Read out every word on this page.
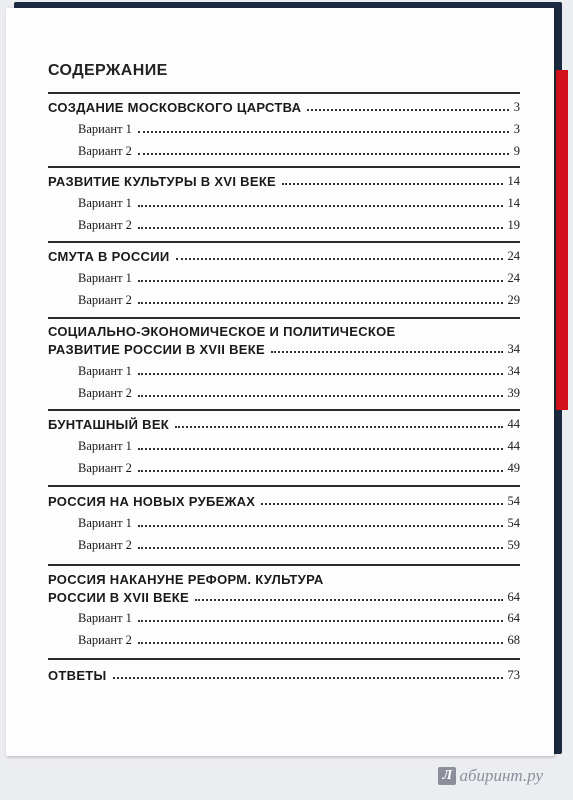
СОДЕРЖАНИЕ
СОЗДАНИЕ МОСКОВСКОГО ЦАРСТВА	3
Вариант 1	3
Вариант 2	9
РАЗВИТИЕ КУЛЬТУРЫ В XVI ВЕКЕ	14
Вариант 1	14
Вариант 2	19
СМУТА В РОССИИ	24
Вариант 1	24
Вариант 2	29
СОЦИАЛЬНО-ЭКОНОМИЧЕСКОЕ И ПОЛИТИЧЕСКОЕ
РАЗВИТИЕ РОССИИ В XVII ВЕКЕ	34
Вариант 1	34
Вариант 2	39
БУНТАШНЫЙ ВЕК	44
Вариант 1	44
Вариант 2	49
РОССИЯ НА НОВЫХ РУБЕЖАХ	54
Вариант 1	54
Вариант 2	59
РОССИЯ НАКАНУНЕ РЕФОРМ. КУЛЬТУРА
РОССИИ В XVII ВЕКЕ	64
Вариант 1	64
Вариант 2	68
ОТВЕТЫ	73
Л абиринт.ру
